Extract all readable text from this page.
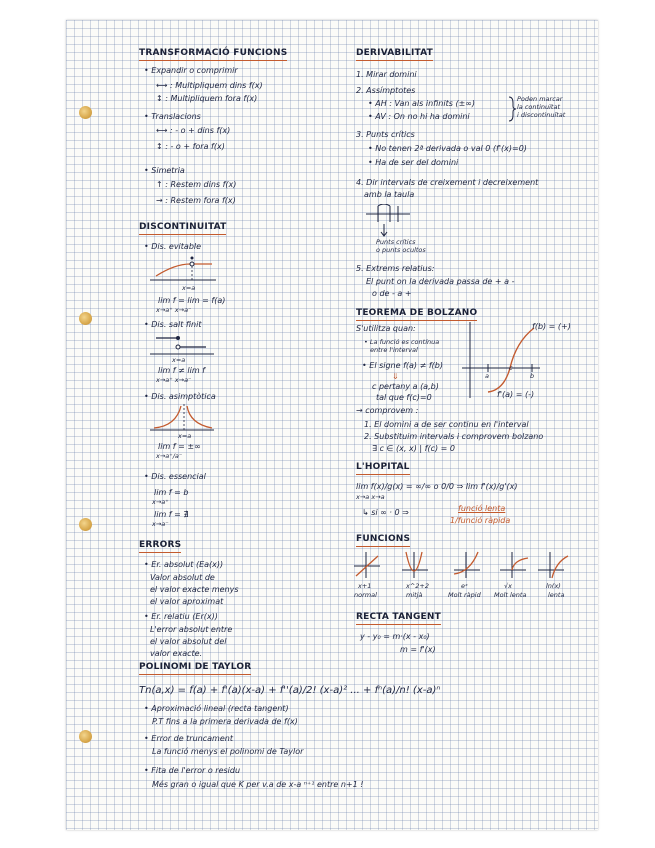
TRANSFORMACIÓ FUNCIONS
• Expandir o comprimir
⟷ : Multipliquem dins f(x)
↕ : Multipliquem fora f(x)
• Translacions
⟷ : - o + dins f(x)
↕ : - o + fora f(x)
• Simetria
↑ : Restem dins f(x)
→ : Restem fora f(x)
DISCONTINUITAT
• Dis. evitable
x=a
lim f = lim = f(a)
x→a⁺ x→a⁻
• Dis. salt finit
x=a
lim f ≠ lim f
x→a⁺ x→a⁻
• Dis. asimptòtica
x=a
lim f = ±∞
x→a⁺/a⁻
• Dis. essencial
lim f = b
x→a⁺
lim f = ∄
x→a⁻
ERRORS
• Er. absolut (Ea(x))
Valor absolut de
el valor exacte menys
el valor aproximat
• Er. relatiu (Er(x))
L'error absolut entre
el valor absolut del
valor exacte.
DERIVABILITAT
1. Mirar domini
2. Assímptotes
• AH : Van als infinits (±∞)
• AV : On no hi ha domini
Poden marcar
la continuïtat
i discontinuïtat
3. Punts crítics
• No tenen 2ª derivada o val 0 (f'(x)=0)
• Ha de ser del domini
4. Dir intervals de creixement i decreixement
amb la taula
Punts crítics
o punts ocultos
5. Extrems relatius:
El punt on la derivada passa de + a -
o de - a +
TEOREMA DE BOLZANO
S'utilitza quan:
• La funció es contínua
entre l'interval
• El signe f(a) ≠ f(b)
⇓
c pertany a (a,b)
tal que f(c)=0
f(b) = (+)
f'(a) = (-)
a
c
b
→ comprovem :
1. El domini a de ser continu en l'interval
2. Substituim intervals i comprovem bolzano
∃ c ∈ (x, x) | f(c) = 0
L'HOPITAL
lim f(x)/g(x) = ∞/∞ o 0/0 ⇒ lim f'(x)/g'(x)
x→a x→a
↳ si ∞ · 0 ⇒	funció lenta
1/funció ràpida
FUNCIONS
x+1
normal
x^2+2
mitjà
eˣ
Molt ràpid
√x
Molt lenta
ln(x)
lenta
RECTA TANGENT
y - y₀ = m·(x - x₀)
m = f'(x)
POLINOMI DE TAYLOR
Tn(a,x) = f(a) + f'(a)(x-a) + f''(a)/2! (x-a)² ... + fⁿ(a)/n! (x-a)ⁿ
• Aproximació lineal (recta tangent)
P.T fins a la primera derivada de f(x)
• Error de truncament
La funció menys el polinomi de Taylor
• Fita de l'error o residu
Més gran o igual que K per v.a de x-a ⁿ⁺¹ entre n+1 !
